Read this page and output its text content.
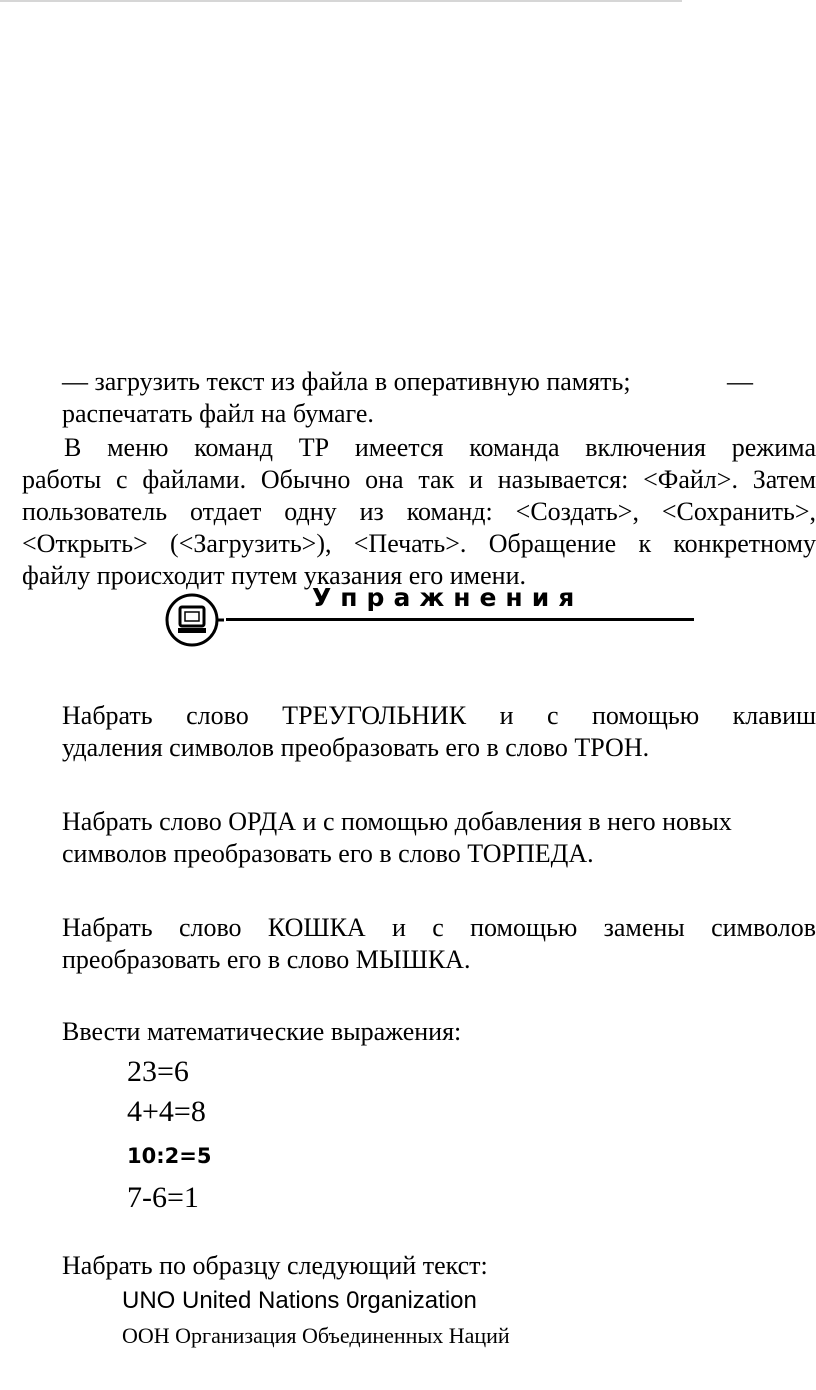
— загрузить текст из файла в оперативную память;	—
распечатать файл на бумаге.
В меню команд ТР имеется команда включения режима
работы с файлами. Обычно она так и называется: <Файл>. Затем
пользователь отдает одну из команд: <Создать>, <Сохранить>,
<Открыть> (<Загрузить>), <Печать>. Обращение к конкретному
файлу происходит путем указания его имени.
Упражнения
Набрать слово ТРЕУГОЛЬНИК и с помощью клавиш
удаления символов преобразовать его в слово ТРОН.
Набрать слово ОРДА и с помощью добавления в него новых
символов преобразовать его в слово ТОРПЕДА.
Набрать слово КОШКА и с помощью замены символов
преобразовать его в слово МЫШКА.
Ввести математические выражения:
23=6
4+4=8
10:2=5
7-6=1
Набрать по образцу следующий текст:
UNO United Nations 0rganization
ООН Организация Объединенных Наций
